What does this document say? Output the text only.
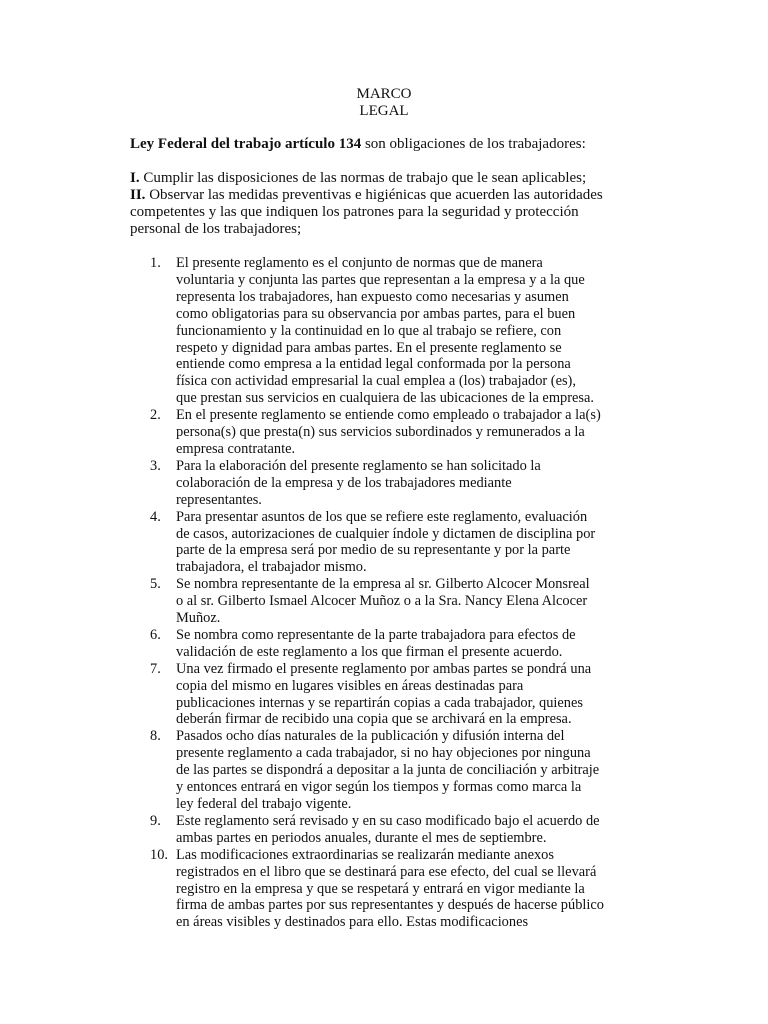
MARCO
LEGAL
Ley Federal del trabajo artículo 134 son obligaciones de los trabajadores:
I. Cumplir las disposiciones de las normas de trabajo que le sean aplicables;
II. Observar las medidas preventivas e higiénicas que acuerden las autoridades
competentes y las que indiquen los patrones para la seguridad y protección
personal de los trabajadores;
1.	El presente reglamento es el conjunto de normas que de manera
voluntaria y conjunta las partes que representan a la empresa y a la que
representa los trabajadores, han expuesto como necesarias y asumen
como obligatorias para su observancia por ambas partes, para el buen
funcionamiento y la continuidad en lo que al trabajo se refiere, con
respeto y dignidad para ambas partes. En el presente reglamento se
entiende como empresa a la entidad legal conformada por la persona
física con actividad empresarial la cual emplea a (los) trabajador (es),
que prestan sus servicios en cualquiera de las ubicaciones de la empresa.
2.	En el presente reglamento se entiende como empleado o trabajador a la(s)
persona(s) que presta(n) sus servicios subordinados y remunerados a la
empresa contratante.
3.	Para la elaboración del presente reglamento se han solicitado la
colaboración de la empresa y de los trabajadores mediante
representantes.
4.	Para presentar asuntos de los que se refiere este reglamento, evaluación
de casos, autorizaciones de cualquier índole y dictamen de disciplina por
parte de la empresa será por medio de su representante y por la parte
trabajadora, el trabajador mismo.
5.	Se nombra representante de la empresa al sr. Gilberto Alcocer Monsreal
o al sr. Gilberto Ismael Alcocer Muñoz o a la Sra. Nancy Elena Alcocer
Muñoz.
6.	Se nombra como representante de la parte trabajadora para efectos de
validación de este reglamento a los que firman el presente acuerdo.
7.	Una vez firmado el presente reglamento por ambas partes se pondrá una
copia del mismo en lugares visibles en áreas destinadas para
publicaciones internas y se repartirán copias a cada trabajador, quienes
deberán firmar de recibido una copia que se archivará en la empresa.
8.	Pasados ocho días naturales de la publicación y difusión interna del
presente reglamento a cada trabajador, si no hay objeciones por ninguna
de las partes se dispondrá a depositar a la junta de conciliación y arbitraje
y entonces entrará en vigor según los tiempos y formas como marca la
ley federal del trabajo vigente.
9.	Este reglamento será revisado y en su caso modificado bajo el acuerdo de
ambas partes en periodos anuales, durante el mes de septiembre.
10. Las modificaciones extraordinarias se realizarán mediante anexos
registrados en el libro que se destinará para ese efecto, del cual se llevará
registro en la empresa y que se respetará y entrará en vigor mediante la
firma de ambas partes por sus representantes y después de hacerse público
en áreas visibles y destinados para ello. Estas modificaciones
